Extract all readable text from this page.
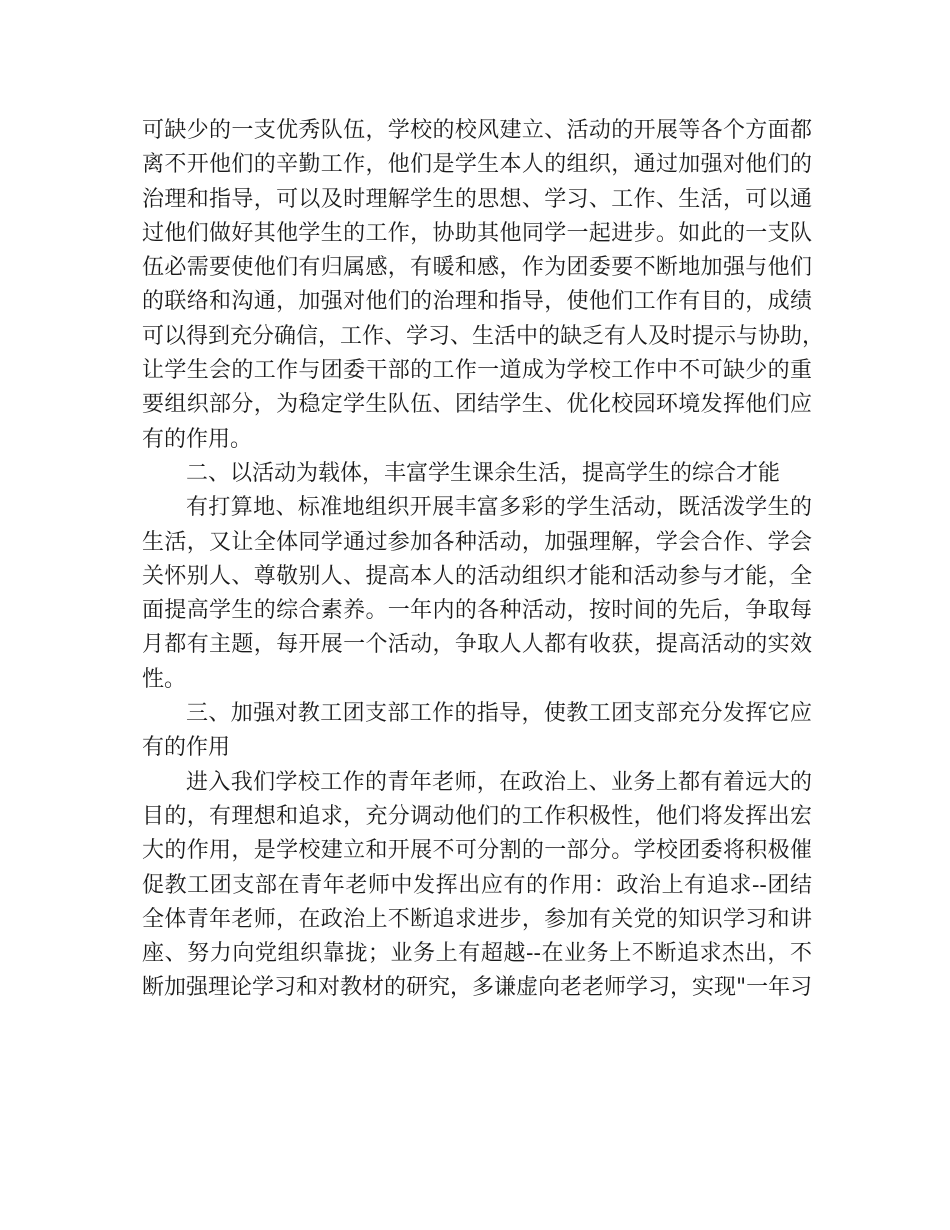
可缺少的一支优秀队伍，学校的校风建立、活动的开展等各个方面都
离不开他们的辛勤工作，他们是学生本人的组织，通过加强对他们的
治理和指导，可以及时理解学生的思想、学习、工作、生活，可以通
过他们做好其他学生的工作，协助其他同学一起进步。如此的一支队
伍必需要使他们有归属感，有暖和感，作为团委要不断地加强与他们
的联络和沟通，加强对他们的治理和指导，使他们工作有目的，成绩
可以得到充分确信，工作、学习、生活中的缺乏有人及时提示与协助，
让学生会的工作与团委干部的工作一道成为学校工作中不可缺少的重
要组织部分，为稳定学生队伍、团结学生、优化校园环境发挥他们应
有的作用。
二、以活动为载体，丰富学生课余生活，提高学生的综合才能
有打算地、标准地组织开展丰富多彩的学生活动，既活泼学生的
生活，又让全体同学通过参加各种活动，加强理解，学会合作、学会
关怀别人、尊敬别人、提高本人的活动组织才能和活动参与才能，全
面提高学生的综合素养。一年内的各种活动，按时间的先后，争取每
月都有主题，每开展一个活动，争取人人都有收获，提高活动的实效
性。
三、加强对教工团支部工作的指导，使教工团支部充分发挥它应
有的作用
进入我们学校工作的青年老师，在政治上、业务上都有着远大的
目的，有理想和追求，充分调动他们的工作积极性，他们将发挥出宏
大的作用，是学校建立和开展不可分割的一部分。学校团委将积极催
促教工团支部在青年老师中发挥出应有的作用：政治上有追求--团结
全体青年老师，在政治上不断追求进步，参加有关党的知识学习和讲
座、努力向党组织靠拢；业务上有超越--在业务上不断追求杰出，不
断加强理论学习和对教材的研究，多谦虚向老老师学习，实现"一年习
